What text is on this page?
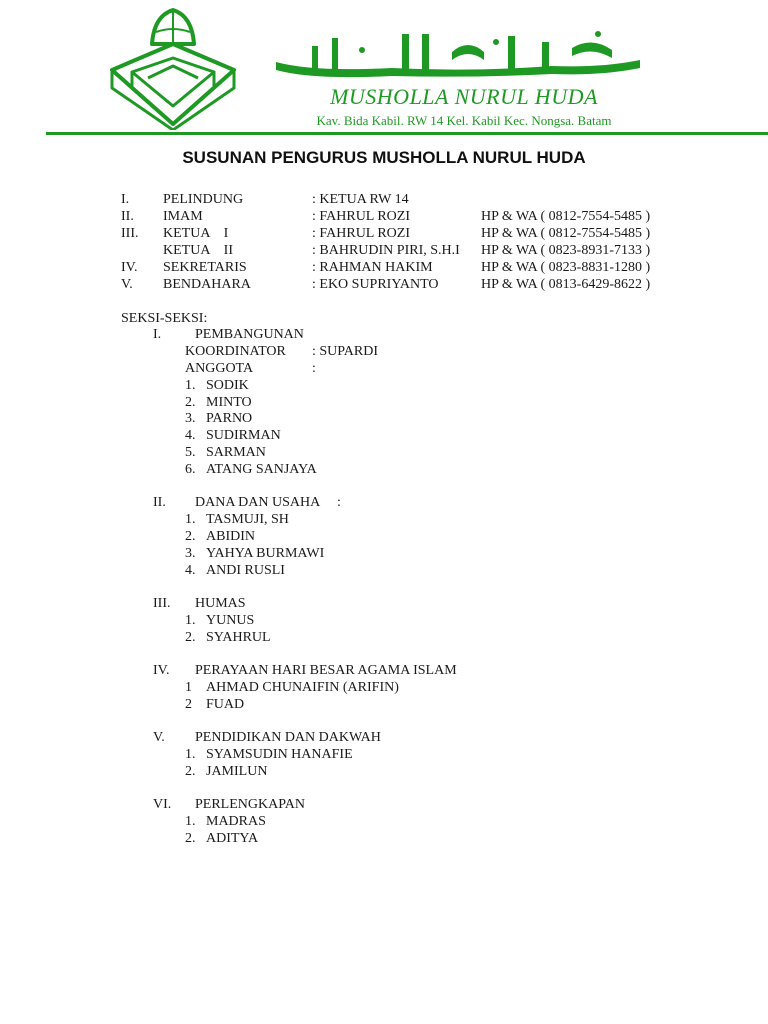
MUSHOLLA NURUL HUDA
Kav. Bida Kabil. RW 14 Kel. Kabil Kec. Nongsa. Batam
SUSUNAN PENGURUS MUSHOLLA NURUL HUDA
I. PELINDUNG	: KETUA RW 14
II. IMAM	: FAHRUL ROZI	HP & WA ( 0812-7554-5485 )
III. KETUA    I	: FAHRUL ROZI	HP & WA ( 0812-7554-5485 )
KETUA    II	: BAHRUDIN PIRI, S.H.I HP & WA ( 0823-8931-7133 )
IV. SEKRETARIS	: RAHMAN HAKIM	HP & WA ( 0823-8831-1280 )
V. BENDAHARA	: EKO SUPRIYANTO	HP & WA ( 0813-6429-8622 )
SEKSI-SEKSI:
I. PEMBANGUNAN
KOORDINATOR : SUPARDI
ANGGOTA	:
1. SODIK
2. MINTO
3. PARNO
4. SUDIRMAN
5. SARMAN
6. ATANG SANJAYA
II. DANA DAN USAHA :
1. TASMUJI, SH
2. ABIDIN
3. YAHYA BURMAWI
4. ANDI RUSLI
III. HUMAS
1. YUNUS
2. SYAHRUL
IV. PERAYAAN HARI BESAR AGAMA ISLAM
1 AHMAD CHUNAIFIN (ARIFIN)
2 FUAD
V. PENDIDIKAN DAN DAKWAH
1. SYAMSUDIN HANAFIE
2. JAMILUN
VI. PERLENGKAPAN
1. MADRAS
2. ADITYA
